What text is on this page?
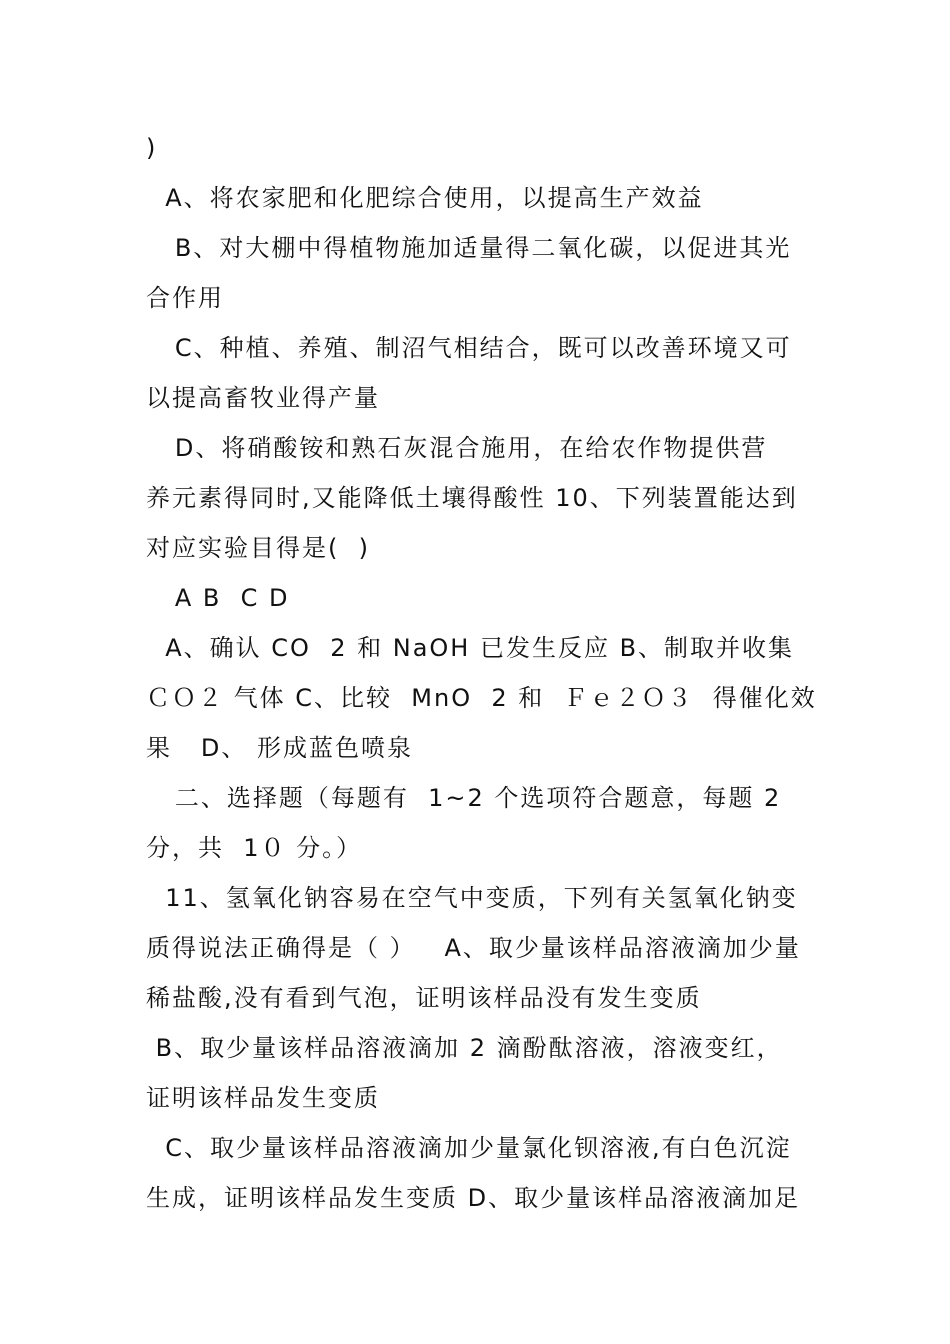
)

A、将农家肥和化肥综合使用，以提高生产效益

B、对大棚中得植物施加适量得二氧化碳，以促进其光

合作用

C、种植、养殖、制沼气相结合，既可以改善环境又可

以提高畜牧业得产量

D、将硝酸铵和熟石灰混合施用，在给农作物提供营

养元素得同时,又能降低土壤得酸性 10、下列装置能达到

对应实验目得是(  )

A B  C D

A、确认 CO  2 和 NaOH 已发生反应 B、制取并收集

ＣＯ２ 气体 C、比较  MnO  2 和  Ｆｅ２Ｏ３  得催化效

果   D、 形成蓝色喷泉

二、选择题（每题有  1~2 个选项符合题意，每题 2

分，共  1０ 分。）

11、氢氧化钠容易在空气中变质，下列有关氢氧化钠变

质得说法正确得是（ ）   A、取少量该样品溶液滴加少量

稀盐酸,没有看到气泡，证明该样品没有发生变质

B、取少量该样品溶液滴加 2 滴酚酞溶液，溶液变红，

证明该样品发生变质

C、取少量该样品溶液滴加少量氯化钡溶液,有白色沉淀

生成，证明该样品发生变质 D、取少量该样品溶液滴加足
